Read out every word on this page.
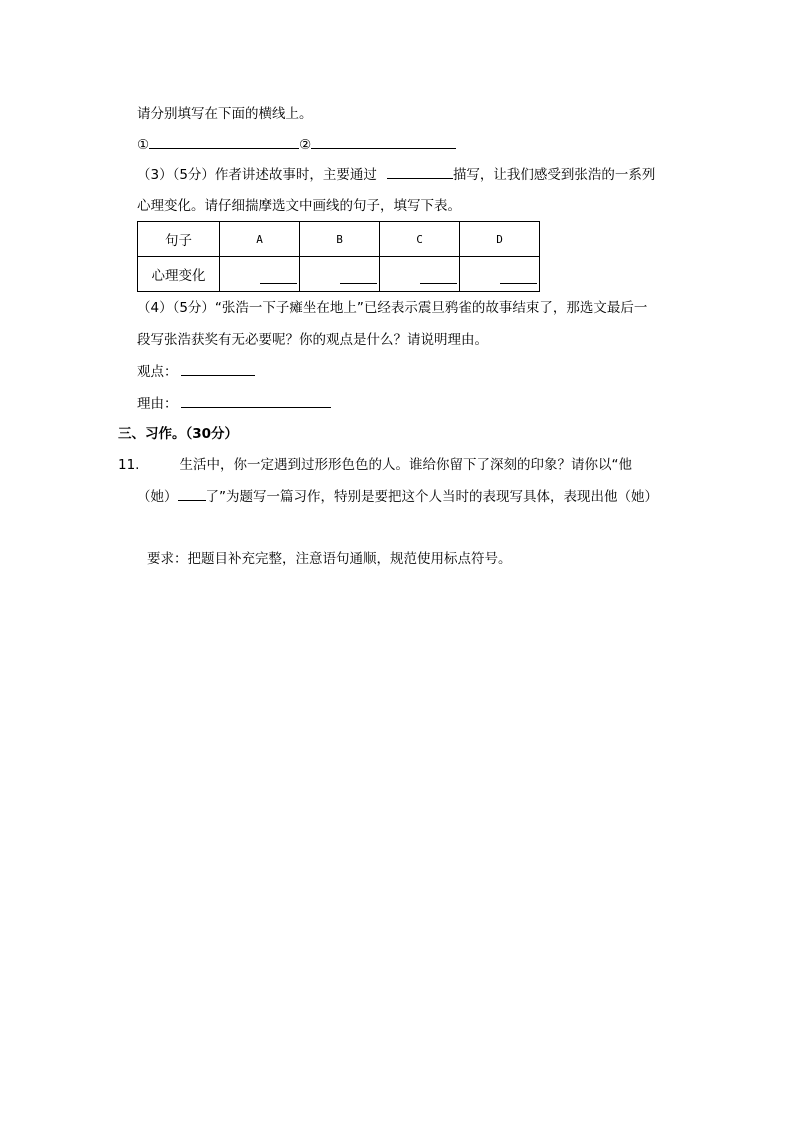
请分别填写在下面的横线上。
①	②
（3）（5分）作者讲述故事时，主要通过	描写，让我们感受到张浩的一系列
心理变化。请仔细揣摩选文中画线的句子，填写下表。
句子	A	B	C	D
心理变化	

（4）（5分）“张浩一下子瘫坐在地上”已经表示震旦鸦雀的故事结束了，那选文最后一
段写张浩获奖有无必要呢？你的观点是什么？请说明理由。
观点：
理由：
三、习作。（30分）
11.	生活中，你一定遇到过形形色色的人。谁给你留下了深刻的印象？请你以“他
（她） 了”为题写一篇习作，特别是要把这个人当时的表现写具体，表现出他（她）
要求：把题目补充完整，注意语句通顺，规范使用标点符号。
